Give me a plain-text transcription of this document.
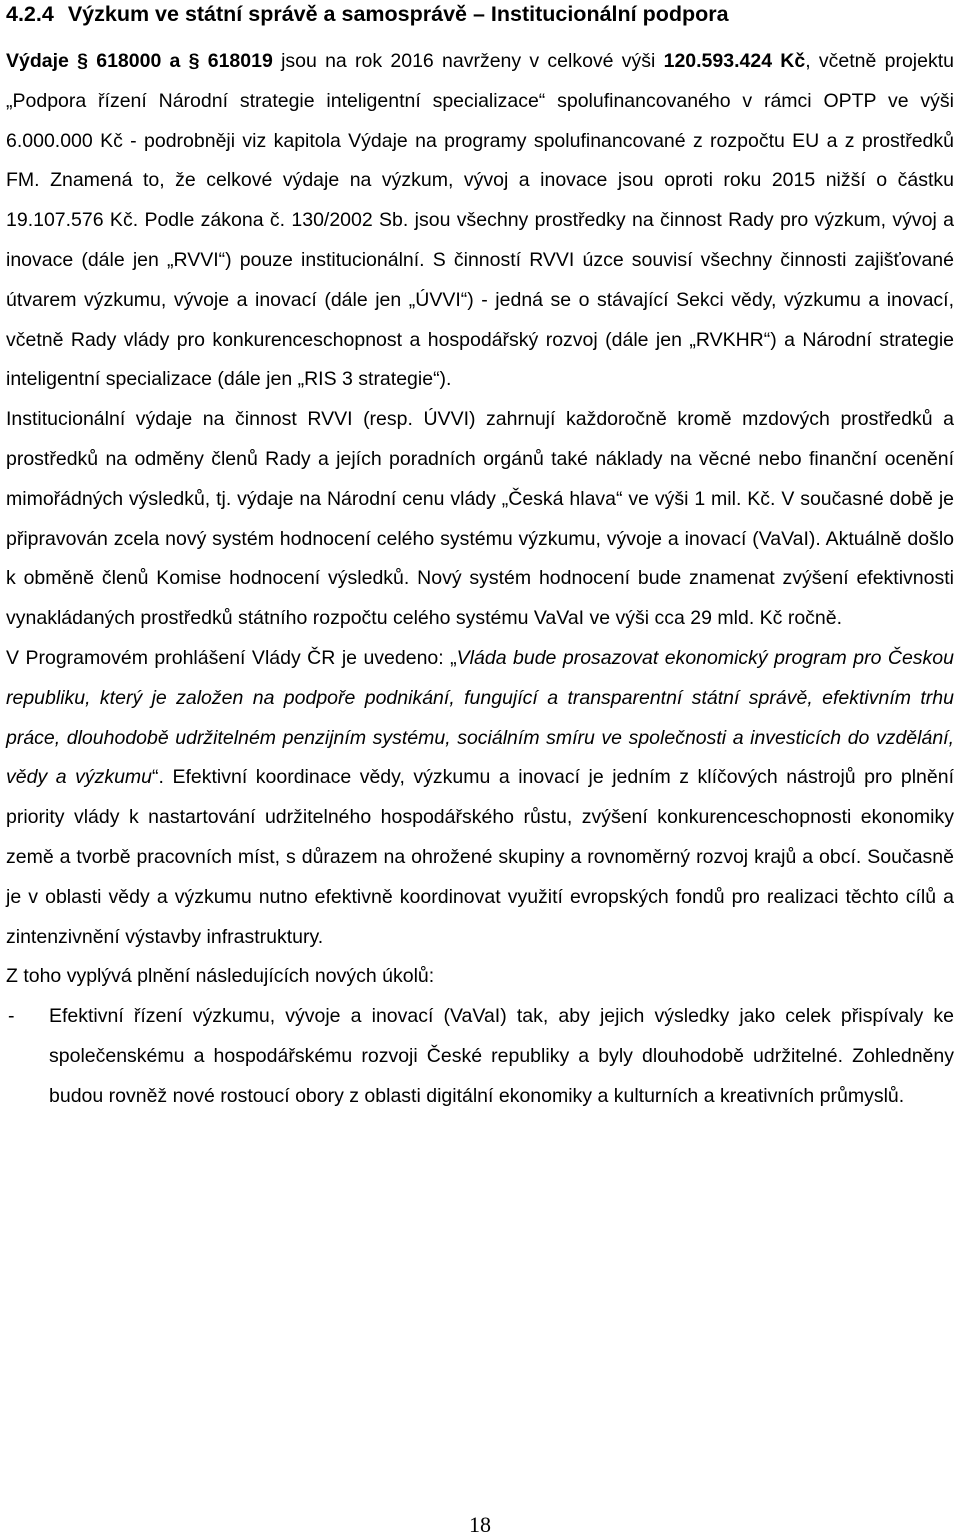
4.2.4 Výzkum ve státní správě a samosprávě – Institucionální podpora

Výdaje § 618000 a § 618019 jsou na rok 2016 navrženy v celkové výši 120.593.424 Kč, včetně projektu „Podpora řízení Národní strategie inteligentní specializace“ spolufinancovaného v rámci OPTP ve výši 6.000.000 Kč - podrobněji viz kapitola Výdaje na programy spolufinancované z rozpočtu EU a z prostředků FM. Znamená to, že celkové výdaje na výzkum, vývoj a inovace jsou oproti roku 2015 nižší o částku 19.107.576 Kč. Podle zákona č. 130/2002 Sb. jsou všechny prostředky na činnost Rady pro výzkum, vývoj a inovace (dále jen „RVVI“) pouze institucionální. S činností RVVI úzce souvisí všechny činnosti zajišťované útvarem výzkumu, vývoje a inovací (dále jen „ÚVVI“) - jedná se o stávající Sekci vědy, výzkumu a inovací, včetně Rady vlády pro konkurenceschopnost a hospodářský rozvoj (dále jen „RVKHR“) a Národní strategie inteligentní specializace (dále jen „RIS 3 strategie“).

Institucionální výdaje na činnost RVVI (resp. ÚVVI) zahrnují každoročně kromě mzdových prostředků a prostředků na odměny členů Rady a jejích poradních orgánů také náklady na věcné nebo finanční ocenění mimořádných výsledků, tj. výdaje na Národní cenu vlády „Česká hlava“ ve výši 1 mil. Kč. V současné době je připravován zcela nový systém hodnocení celého systému výzkumu, vývoje a inovací (VaVaI). Aktuálně došlo k obměně členů Komise hodnocení výsledků. Nový systém hodnocení bude znamenat zvýšení efektivnosti vynakládaných prostředků státního rozpočtu celého systému VaVaI ve výši cca 29 mld. Kč ročně.

V Programovém prohlášení Vlády ČR je uvedeno: „Vláda bude prosazovat ekonomický program pro Českou republiku, který je založen na podpoře podnikání, fungující a transparentní státní správě, efektivním trhu práce, dlouhodobě udržitelném penzijním systému, sociálním smíru ve společnosti a investicích do vzdělání, vědy a výzkumu“. Efektivní koordinace vědy, výzkumu a inovací je jedním z klíčových nástrojů pro plnění priority vlády k nastartování udržitelného hospodářského růstu, zvýšení konkurenceschopnosti ekonomiky země a tvorbě pracovních míst, s důrazem na ohrožené skupiny a rovnoměrný rozvoj krajů a obcí. Současně je v oblasti vědy a výzkumu nutno efektivně koordinovat využití evropských fondů pro realizaci těchto cílů a zintenzivnění výstavby infrastruktury.

Z toho vyplývá plnění následujících nových úkolů:

- Efektivní řízení výzkumu, vývoje a inovací (VaVaI) tak, aby jejich výsledky jako celek přispívaly ke společenskému a hospodářskému rozvoji České republiky a byly dlouhodobě udržitelné. Zohledněny budou rovněž nové rostoucí obory z oblasti digitální ekonomiky a kulturních a kreativních průmyslů.
18
